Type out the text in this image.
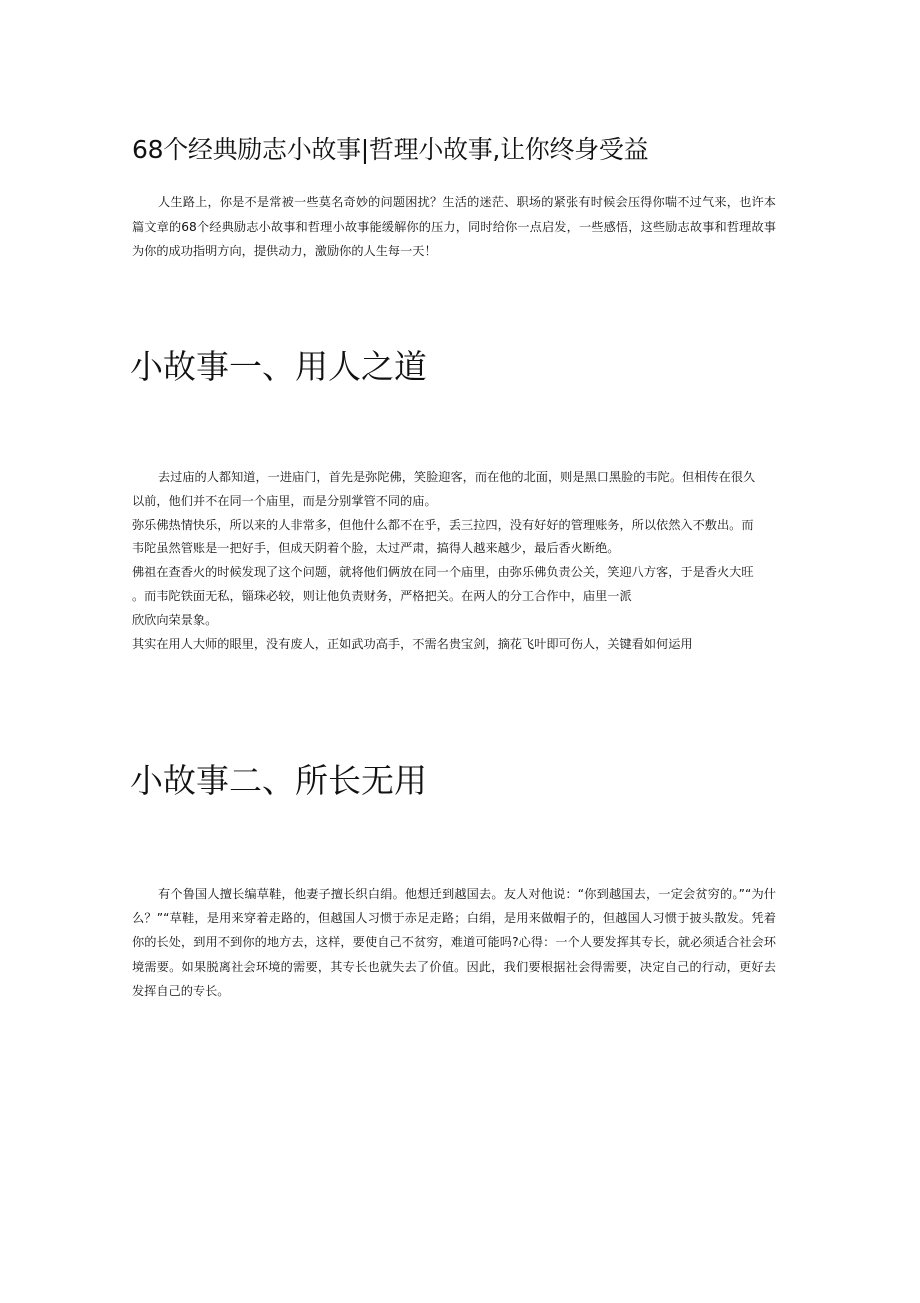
68个经典励志小故事|哲理小故事,让你终身受益

人生路上，你是不是常被一些莫名奇妙的问题困扰？生活的迷茫、职场的紧张有时候会压得你喘不过气来，也许本篇文章的68个经典励志小故事和哲理小故事能缓解你的压力，同时给你一点启发，一些感悟，这些励志故事和哲理故事为你的成功指明方向，提供动力，激励你的人生每一天！

小故事一、用人之道
去过庙的人都知道，一进庙门，首先是弥陀佛，笑脸迎客，而在他的北面，则是黑口黑脸的韦陀。但相传在很久
以前，他们并不在同一个庙里，而是分别掌管不同的庙。
弥乐佛热情快乐，所以来的人非常多，但他什么都不在乎，丢三拉四，没有好好的管理账务，所以依然入不敷出。而
韦陀虽然管账是一把好手，但成天阴着个脸，太过严肃，搞得人越来越少，最后香火断绝。
佛祖在查香火的时候发现了这个问题，就将他们俩放在同一个庙里，由弥乐佛负责公关，笑迎八方客，于是香火大旺
。而韦陀铁面无私，锱珠必较，则让他负责财务，严格把关。在两人的分工合作中，庙里一派
欣欣向荣景象。
其实在用人大师的眼里，没有废人，正如武功高手，不需名贵宝剑，摘花飞叶即可伤人，关键看如何运用
小故事二、所长无用

有个鲁国人擅长编草鞋，他妻子擅长织白绢。他想迁到越国去。友人对他说：“你到越国去，一定会贫穷的。”“为什么？”“草鞋，是用来穿着走路的，但越国人习惯于赤足走路；白绢，是用来做帽子的，但越国人习惯于披头散发。凭着你的长处，到用不到你的地方去，这样，要使自己不贫穷，难道可能吗?心得：一个人要发挥其专长，就必须适合社会环境需要。如果脱离社会环境的需要，其专长也就失去了价值。因此，我们要根据社会得需要，决定自己的行动，更好去发挥自己的专长。
